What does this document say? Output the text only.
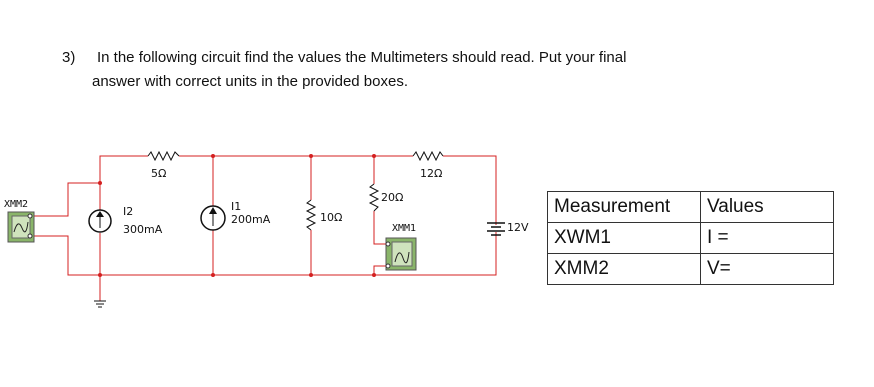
3) In the following circuit find the values the Multimeters should read. Put your final
answer with correct units in the provided boxes.
XMM2
XMM1
5Ω	12Ω
10Ω
20Ω
I2
300mA
I1
200mA
12V
Measurement	Values
XWM1	I =
XMM2	V=
